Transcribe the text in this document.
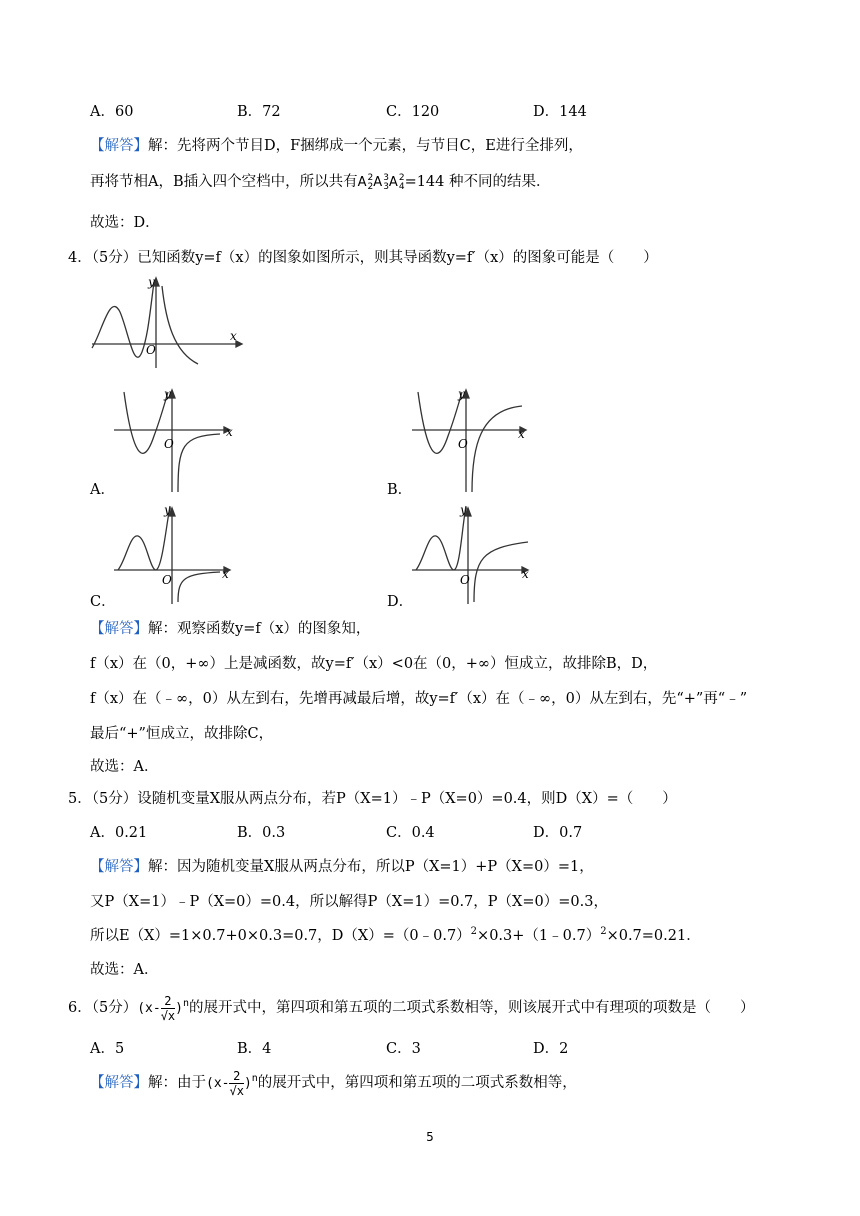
A．60	B．72	C．120	D．144
【解答】解：先将两个节目D，F捆绑成一个元素，与节目C，E进行全排列，
再将节相A，B插入四个空档中，所以共有A2
2A3
3A2
4=144 种不同的结果．
故选：D．
4．（5分）已知函数y=f（x）的图象如图所示，则其导函数y=f′（x）的图象可能是（　　）
y
x
O
y
x
O
A．
y
x
O
B．
y
x
O
C．
y
x
O
D．
【解答】解：观察函数y=f（x）的图象知，
f（x）在（0，+∞）上是减函数，故y=f′（x）<0在（0，+∞）恒成立，故排除B，D，
f（x）在（﹣∞，0）从左到右，先增再减最后增，故y=f′（x）在（﹣∞，0）从左到右，先“+”再“﹣”
最后“+”恒成立，故排除C，
故选：A．
5．（5分）设随机变量X服从两点分布，若P（X=1）﹣P（X=0）=0.4，则D（X）=（　　）
A．0.21	B．0.3	C．0.4	D．0.7
【解答】解：因为随机变量X服从两点分布，所以P（X=1）+P（X=0）=1，
又P（X=1）﹣P（X=0）=0.4，所以解得P（X=1）=0.7，P（X=0）=0.3，
所以E（X）=1×0.7+0×0.3=0.7，D（X）=（0﹣0.7）$^2$×0.3+（1﹣0.7）$^2$×0.7=0.21．
故选：A．
6．（5分）$(x- \frac{2}{√x} )^n$的展开式中，第四项和第五项的二项式系数相等，则该展开式中有理项的项数是（　　）
A．5	B．4	C．3	D．2
【解答】解：由于$(x- \frac{2}{√x} )^n$的展开式中，第四项和第五项的二项式系数相等，
5
